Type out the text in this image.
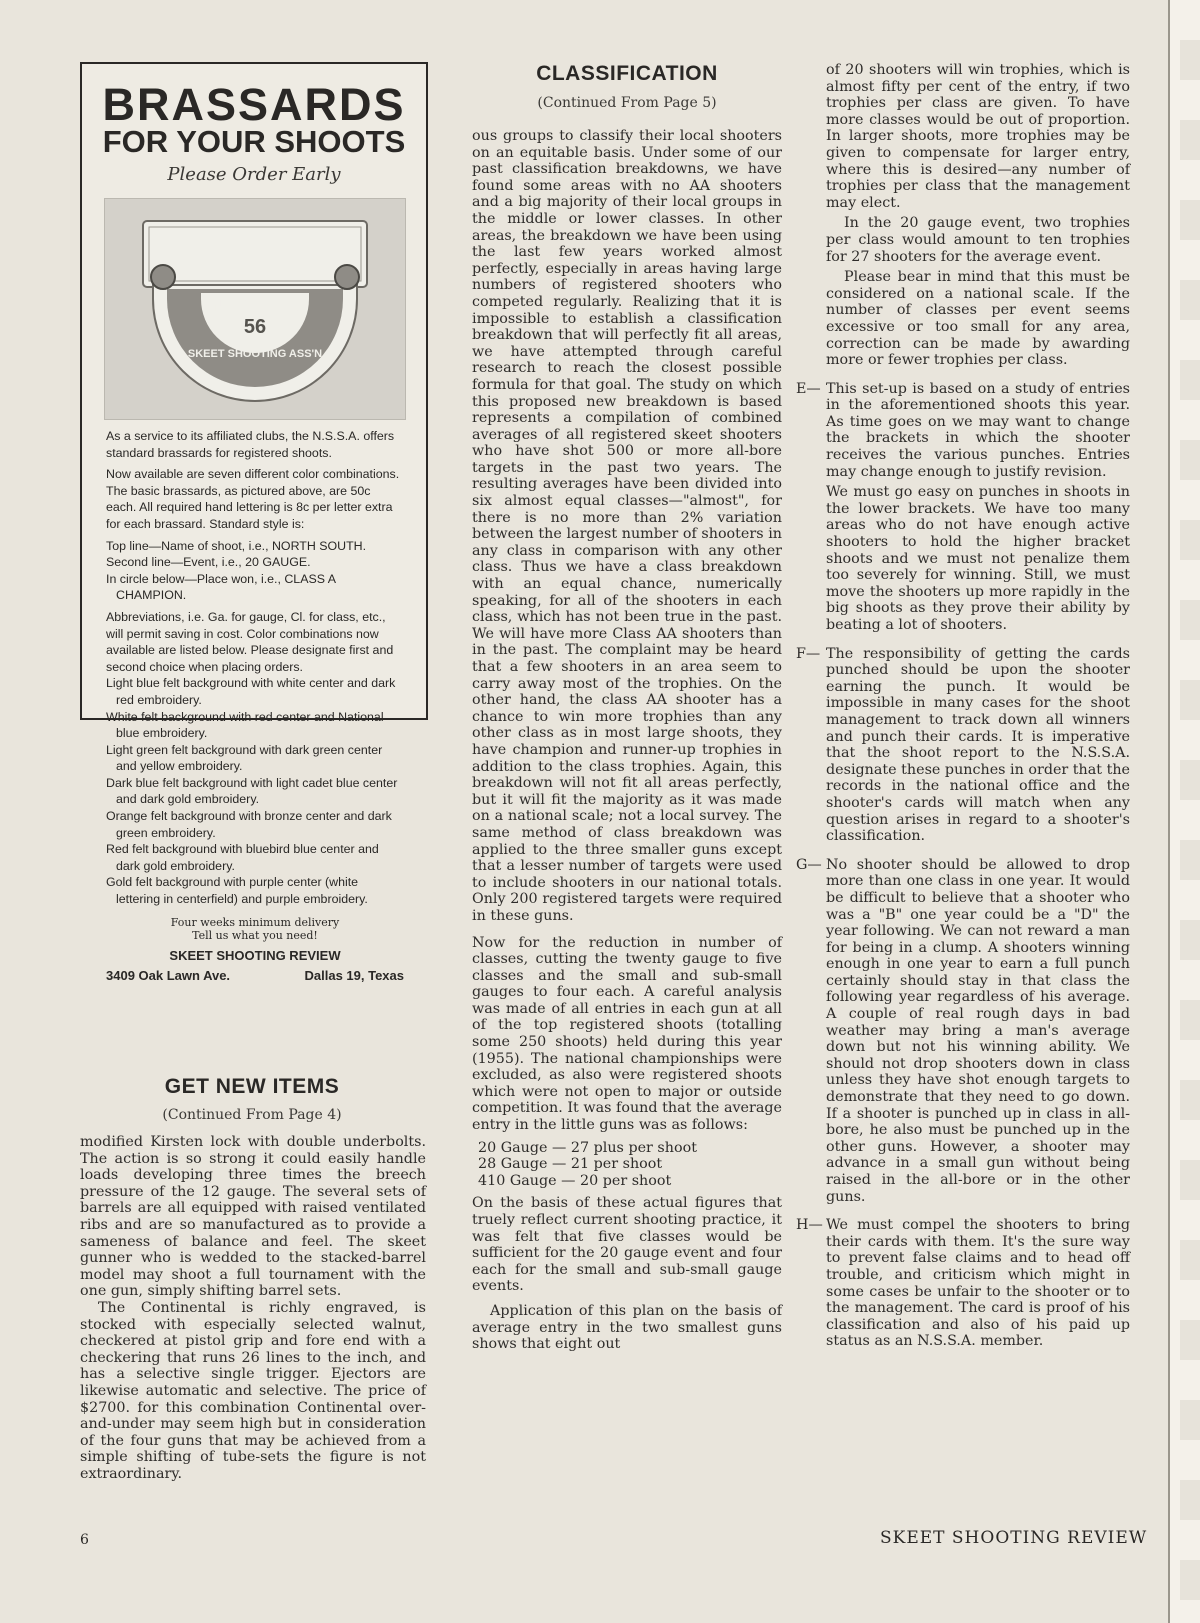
BRASSARDS
FOR YOUR SHOOTS
Please Order Early
NATIONAL
56
SKEET SHOOTING ASS'N

As a service to its affiliated clubs, the N.S.S.A. offers standard brassards for registered shoots.

Now available are seven different color combinations. The basic brassards, as pictured above, are 50c each. All required hand lettering is 8c per letter extra for each brassard. Standard style is:

Top line—Name of shoot, i.e., NORTH SOUTH.

Second line—Event, i.e., 20 GAUGE.

In circle below—Place won, i.e., CLASS A CHAMPION.

Abbreviations, i.e. Ga. for gauge, Cl. for class, etc., will permit saving in cost. Color combinations now available are listed below. Please designate first and second choice when placing orders.

Light blue felt background with white center and dark red embroidery.

White felt background with red center and National blue embroidery.

Light green felt background with dark green center and yellow embroidery.

Dark blue felt background with light cadet blue center and dark gold embroidery.

Orange felt background with bronze center and dark green embroidery.

Red felt background with bluebird blue center and dark gold embroidery.

Gold felt background with purple center (white lettering in centerfield) and purple embroidery.

Four weeks minimum delivery
Tell us what you need!
SKEET SHOOTING REVIEW
3409 Oak Lawn Ave.	Dallas 19, Texas
GET NEW ITEMS
(Continued From Page 4)

modified Kirsten lock with double underbolts. The action is so strong it could easily handle loads developing three times the breech pressure of the 12 gauge. The several sets of barrels are all equipped with raised ventilated ribs and are so manufactured as to provide a sameness of balance and feel. The skeet gunner who is wedded to the stacked-barrel model may shoot a full tournament with the one gun, simply shifting barrel sets.

The Continental is richly engraved, is stocked with especially selected walnut, checkered at pistol grip and fore end with a checkering that runs 26 lines to the inch, and has a selective single trigger. Ejectors are likewise automatic and selective. The price of $2700. for this combination Continental over-and-under may seem high but in consideration of the four guns that may be achieved from a simple shifting of tube-sets the figure is not extraordinary.

CLASSIFICATION
(Continued From Page 5)

ous groups to classify their local shooters on an equitable basis. Under some of our past classification breakdowns, we have found some areas with no AA shooters and a big majority of their local groups in the middle or lower classes. In other areas, the breakdown we have been using the last few years worked almost perfectly, especially in areas having large numbers of registered shooters who competed regularly. Realizing that it is impossible to establish a classification breakdown that will perfectly fit all areas, we have attempted through careful research to reach the closest possible formula for that goal. The study on which this proposed new breakdown is based represents a compilation of combined averages of all registered skeet shooters who have shot 500 or more all-bore targets in the past two years. The resulting averages have been divided into six almost equal classes—"almost", for there is no more than 2% variation between the largest number of shooters in any class in comparison with any other class. Thus we have a class breakdown with an equal chance, numerically speaking, for all of the shooters in each class, which has not been true in the past. We will have more Class AA shooters than in the past. The complaint may be heard that a few shooters in an area seem to carry away most of the trophies. On the other hand, the class AA shooter has a chance to win more trophies than any other class as in most large shoots, they have champion and runner-up trophies in addition to the class trophies. Again, this breakdown will not fit all areas perfectly, but it will fit the majority as it was made on a national scale; not a local survey. The same method of class breakdown was applied to the three smaller guns except that a lesser number of targets were used to include shooters in our national totals. Only 200 registered targets were required in these guns.

Now for the reduction in number of classes, cutting the twenty gauge to five classes and the small and sub-small gauges to four each. A careful analysis was made of all entries in each gun at all of the top registered shoots (totalling some 250 shoots) held during this year (1955). The national championships were excluded, as also were registered shoots which were not open to major or outside competition. It was found that the average entry in the little guns was as follows:

20 Gauge — 27 plus per shoot
28 Gauge — 21 per shoot
410 Gauge — 20 per shoot

On the basis of these actual figures that truely reflect current shooting practice, it was felt that five classes would be sufficient for the 20 gauge event and four each for the small and sub-small gauge events.

Application of this plan on the basis of average entry in the two smallest guns shows that eight out

of 20 shooters will win trophies, which is almost fifty per cent of the entry, if two trophies per class are given. To have more classes would be out of proportion. In larger shoots, more trophies may be given to compensate for larger entry, where this is desired—any number of trophies per class that the management may elect.

In the 20 gauge event, two trophies per class would amount to ten trophies for 27 shooters for the average event.

Please bear in mind that this must be considered on a national scale. If the number of classes per event seems excessive or too small for any area, correction can be made by awarding more or fewer trophies per class.

E— This set-up is based on a study of entries in the aforementioned shoots this year. As time goes on we may want to change the brackets in which the shooter receives the various punches. Entries may change enough to justify revision.

We must go easy on punches in shoots in the lower brackets. We have too many areas who do not have enough active shooters to hold the higher bracket shoots and we must not penalize them too severely for winning. Still, we must move the shooters up more rapidly in the big shoots as they prove their ability by beating a lot of shooters.

F— The responsibility of getting the cards punched should be upon the shooter earning the punch. It would be impossible in many cases for the shoot management to track down all winners and punch their cards. It is imperative that the shoot report to the N.S.S.A. designate these punches in order that the records in the national office and the shooter's cards will match when any question arises in regard to a shooter's classification.

G— No shooter should be allowed to drop more than one class in one year. It would be difficult to believe that a shooter who was a "B" one year could be a "D" the year following. We can not reward a man for being in a clump. A shooters winning enough in one year to earn a full punch certainly should stay in that class the following year regardless of his average. A couple of real rough days in bad weather may bring a man's average down but not his winning ability. We should not drop shooters down in class unless they have shot enough targets to demonstrate that they need to go down. If a shooter is punched up in class in all-bore, he also must be punched up in the other guns. However, a shooter may advance in a small gun without being raised in the all-bore or in the other guns.

H— We must compel the shooters to bring their cards with them. It's the sure way to prevent false claims and to head off trouble, and criticism which might in some cases be unfair to the shooter or to the management. The card is proof of his classification and also of his paid up status as an N.S.S.A. member.

6	SKEET SHOOTING REVIEW
